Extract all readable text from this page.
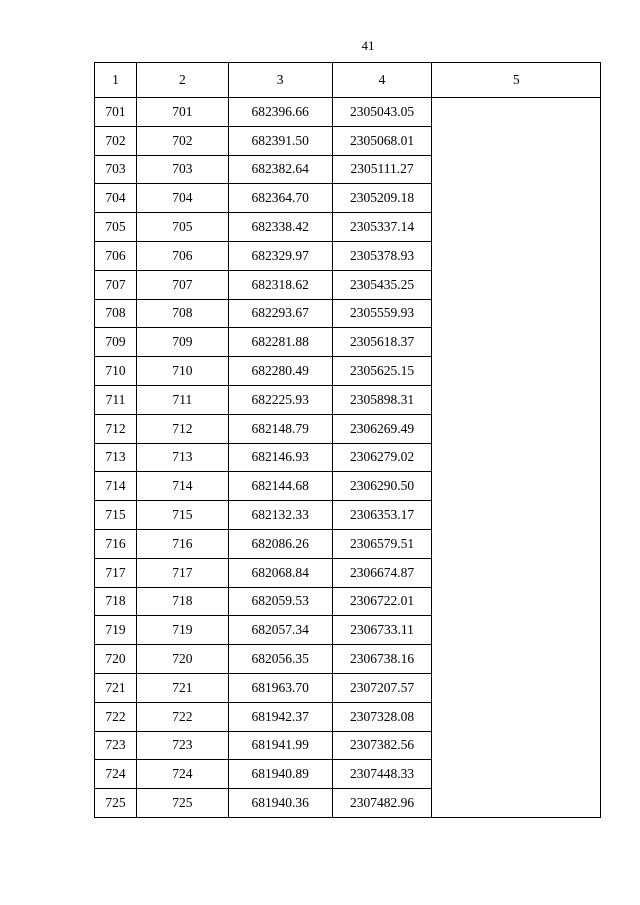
41
1	2	3	4	5
701	701	682396.66	2305043.05	
702	702	682391.50	2305068.01	
703	703	682382.64	2305111.27	
704	704	682364.70	2305209.18	
705	705	682338.42	2305337.14	
706	706	682329.97	2305378.93	
707	707	682318.62	2305435.25	
708	708	682293.67	2305559.93	
709	709	682281.88	2305618.37	
710	710	682280.49	2305625.15	
711	711	682225.93	2305898.31	
712	712	682148.79	2306269.49	
713	713	682146.93	2306279.02	
714	714	682144.68	2306290.50	
715	715	682132.33	2306353.17	
716	716	682086.26	2306579.51	
717	717	682068.84	2306674.87	
718	718	682059.53	2306722.01	
719	719	682057.34	2306733.11	
720	720	682056.35	2306738.16	
721	721	681963.70	2307207.57	
722	722	681942.37	2307328.08	
723	723	681941.99	2307382.56	
724	724	681940.89	2307448.33	
725	725	681940.36	2307482.96	
